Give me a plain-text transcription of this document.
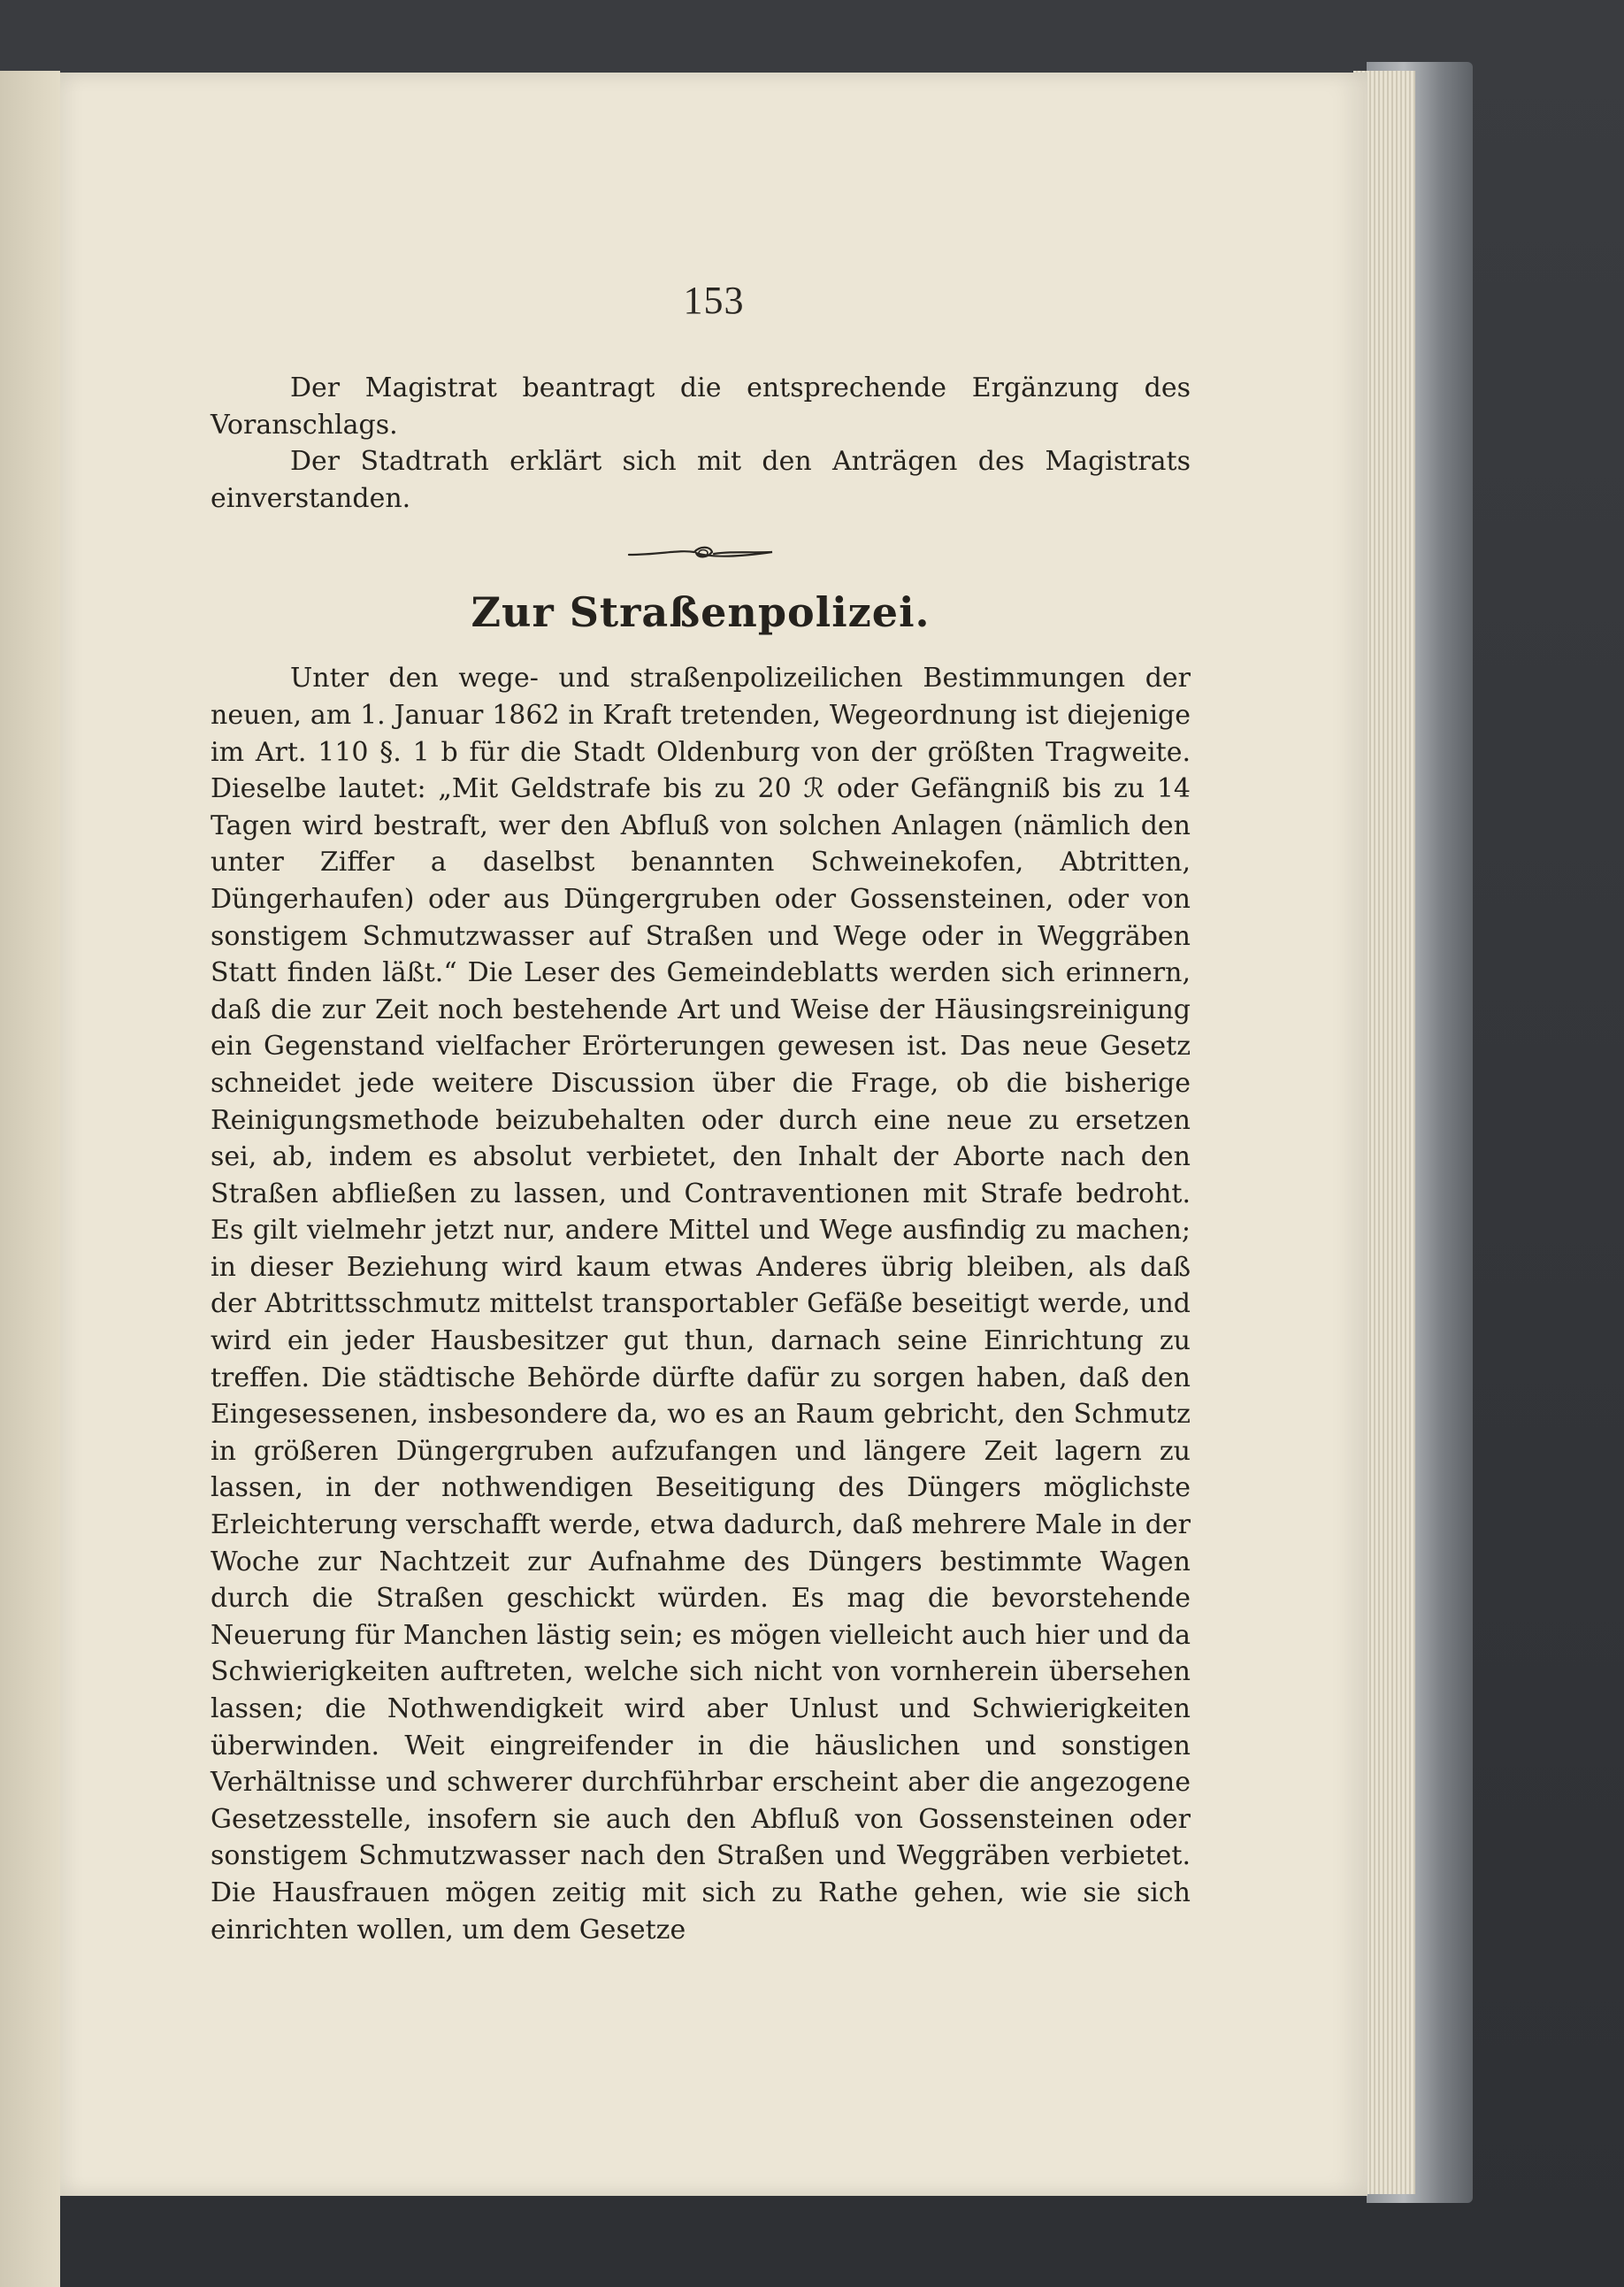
153

Der Magistrat beantragt die entsprechende Ergänzung des Voranschlags.

Der Stadtrath erklärt sich mit den Anträgen des Magistrats einverstanden.

Zur Straßenpolizei.

Unter den wege- und straßenpolizeilichen Bestimmungen der neuen, am 1. Januar 1862 in Kraft tretenden, Wegeordnung ist diejenige im Art. 110 §. 1 b für die Stadt Oldenburg von der größten Tragweite. Dieselbe lautet: „Mit Geldstrafe bis zu 20 ℛ oder Gefängniß bis zu 14 Tagen wird bestraft, wer den Abfluß von solchen Anlagen (nämlich den unter Ziffer a daselbst benannten Schweinekofen, Abtritten, Düngerhaufen) oder aus Düngergruben oder Gossensteinen, oder von sonstigem Schmutzwasser auf Straßen und Wege oder in Weggräben Statt finden läßt.“ Die Leser des Gemeindeblatts werden sich erinnern, daß die zur Zeit noch bestehende Art und Weise der Häusingsreinigung ein Gegenstand vielfacher Erörterungen gewesen ist. Das neue Gesetz schneidet jede weitere Discussion über die Frage, ob die bisherige Reinigungsmethode beizubehalten oder durch eine neue zu ersetzen sei, ab, indem es absolut verbietet, den Inhalt der Aborte nach den Straßen abfließen zu lassen, und Contraventionen mit Strafe bedroht. Es gilt vielmehr jetzt nur, andere Mittel und Wege ausfindig zu machen; in dieser Beziehung wird kaum etwas Anderes übrig bleiben, als daß der Abtrittsschmutz mittelst transportabler Gefäße beseitigt werde, und wird ein jeder Hausbesitzer gut thun, darnach seine Einrichtung zu treffen. Die städtische Behörde dürfte dafür zu sorgen haben, daß den Eingesessenen, insbesondere da, wo es an Raum gebricht, den Schmutz in größeren Düngergruben aufzufangen und längere Zeit lagern zu lassen, in der nothwendigen Beseitigung des Düngers möglichste Erleichterung verschafft werde, etwa dadurch, daß mehrere Male in der Woche zur Nachtzeit zur Aufnahme des Düngers bestimmte Wagen durch die Straßen geschickt würden. Es mag die bevorstehende Neuerung für Manchen lästig sein; es mögen vielleicht auch hier und da Schwierigkeiten auftreten, welche sich nicht von vornherein übersehen lassen; die Nothwendigkeit wird aber Unlust und Schwierigkeiten überwinden. Weit eingreifender in die häuslichen und sonstigen Verhältnisse und schwerer durchführbar erscheint aber die angezogene Gesetzesstelle, insofern sie auch den Abfluß von Gossensteinen oder sonstigem Schmutzwasser nach den Straßen und Weggräben verbietet. Die Hausfrauen mögen zeitig mit sich zu Rathe gehen, wie sie sich einrichten wollen, um dem Gesetze
